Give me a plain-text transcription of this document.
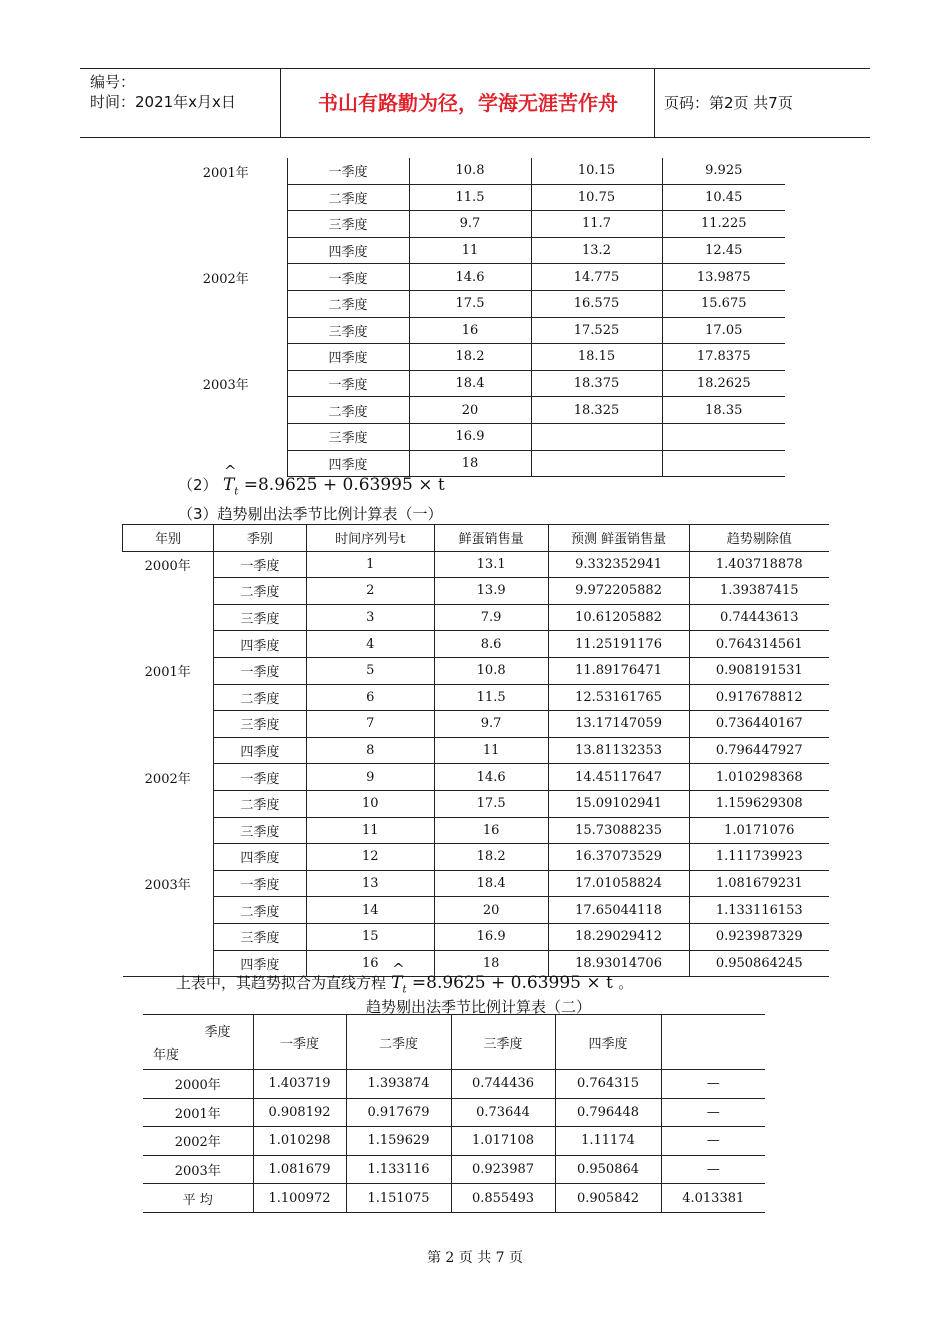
编号：
时间：2021年x月x日	书山有路勤为径，学海无涯苦作舟	页码：第2页 共7页
2001年	一季度	10.8	10.15	9.925
	二季度	11.5	10.75	10.45
	三季度	9.7	11.7	11.225
	四季度	11	13.2	12.45
2002年	一季度	14.6	14.775	13.9875
	二季度	17.5	16.575	15.675
	三季度	16	17.525	17.05
	四季度	18.2	18.15	17.8375
2003年	一季度	18.4	18.375	18.2625
	二季度	20	18.325	18.35
	三季度	16.9		
	四季度	18		
（2）
^
$T_t =8.9625 + 0.63995 \times t$
（3）趋势剔出法季节比例计算表（一）
年别	季别	时间序列号t	鲜蛋销售量	预测 鲜蛋销售量	趋势剔除值
2000年	一季度	1	13.1	9.332352941	1.403718878
	二季度	2	13.9	9.972205882	1.39387415
	三季度	3	7.9	10.61205882	0.74443613
	四季度	4	8.6	11.25191176	0.764314561
2001年	一季度	5	10.8	11.89176471	0.908191531
	二季度	6	11.5	12.53161765	0.917678812
	三季度	7	9.7	13.17147059	0.736440167
	四季度	8	11	13.81132353	0.796447927
2002年	一季度	9	14.6	14.45117647	1.010298368
	二季度	10	17.5	15.09102941	1.159629308
	三季度	11	16	15.73088235	1.0171076
	四季度	12	18.2	16.37073529	1.111739923
2003年	一季度	13	18.4	17.01058824	1.081679231
	二季度	14	20	17.65044118	1.133116153
	三季度	15	16.9	18.29029412	0.923987329
	四季度	16	18	18.93014706	0.950864245
上表中，其趋势拟合为直线方程
^
$T_t =8.9625 + 0.63995 \times t$ 。
趋势剔出法季节比例计算表（二）
季度
年度	一季度	二季度	三季度	四季度	
2000年	1.403719	1.393874	0.744436	0.764315	—
2001年	0.908192	0.917679	0.73644	0.796448	—
2002年	1.010298	1.159629	1.017108	1.11174	—
2003年	1.081679	1.133116	0.923987	0.950864	—
平 均	1.100972	1.151075	0.855493	0.905842	4.013381
第 2 页 共 7 页
